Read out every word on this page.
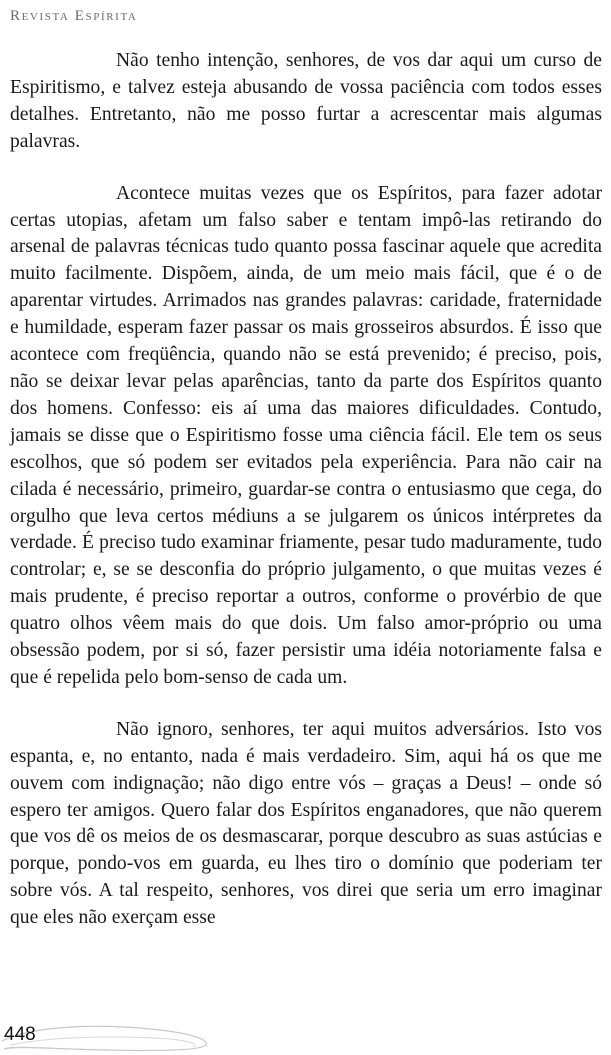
Revista Espírita

Não tenho intenção, senhores, de vos dar aqui um curso de Espiritismo, e talvez esteja abusando de vossa paciência com todos esses detalhes. Entretanto, não me posso furtar a acrescentar mais algumas palavras.

Acontece muitas vezes que os Espíritos, para fazer adotar certas utopias, afetam um falso saber e tentam impô-las retirando do arsenal de palavras técnicas tudo quanto possa fascinar aquele que acredita muito facilmente. Dispõem, ainda, de um meio mais fácil, que é o de aparentar virtudes. Arrimados nas grandes palavras: caridade, fraternidade e humildade, esperam fazer passar os mais grosseiros absurdos. É isso que acontece com freqüência, quando não se está prevenido; é preciso, pois, não se deixar levar pelas aparências, tanto da parte dos Espíritos quanto dos homens. Confesso: eis aí uma das maiores dificuldades. Contudo, jamais se disse que o Espiritismo fosse uma ciência fácil. Ele tem os seus escolhos, que só podem ser evitados pela experiência. Para não cair na cilada é necessário, primeiro, guardar-se contra o entusiasmo que cega, do orgulho que leva certos médiuns a se julgarem os únicos intérpretes da verdade. É preciso tudo examinar friamente, pesar tudo maduramente, tudo controlar; e, se se desconfia do próprio julgamento, o que muitas vezes é mais prudente, é preciso reportar a outros, conforme o provérbio de que quatro olhos vêem mais do que dois. Um falso amor-próprio ou uma obsessão podem, por si só, fazer persistir uma idéia notoriamente falsa e que é repelida pelo bom-senso de cada um.

Não ignoro, senhores, ter aqui muitos adversários. Isto vos espanta, e, no entanto, nada é mais verdadeiro. Sim, aqui há os que me ouvem com indignação; não digo entre vós – graças a Deus! – onde só espero ter amigos. Quero falar dos Espíritos enganadores, que não querem que vos dê os meios de os desmascarar, porque descubro as suas astúcias e porque, pondo-vos em guarda, eu lhes tiro o domínio que poderiam ter sobre vós. A tal respeito, senhores, vos direi que seria um erro imaginar que eles não exerçam esse

448
